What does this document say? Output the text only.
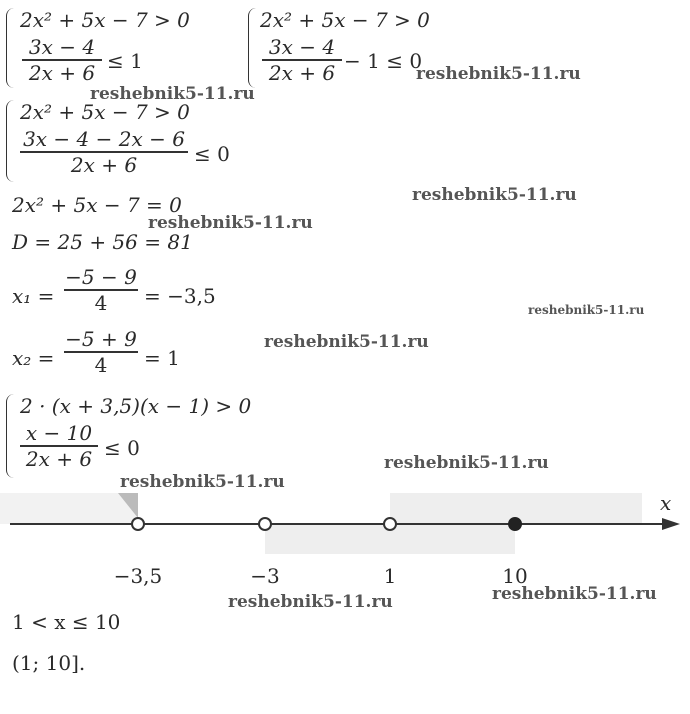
2x² + 5x − 7 > 0
3x − 4
2x + 6 ≤ 1
2x² + 5x − 7 > 0
3x − 4
2x + 6 − 1 ≤ 0
2x² + 5x − 7 > 0
3x − 4 − 2x − 6
2x + 6	≤ 0
2x² + 5x − 7 = 0
D = 25 + 56 = 81
x₁ =
−5 − 9
4	= −3,5
x₂ =
−5 + 9
4	= 1
2 · (x + 3,5)(x − 1) > 0
x − 10
2x + 6 ≤ 0
x
−3,5	−3	1	10
1 < x ≤ 10
(1; 10].
reshebnik5-11.ru
reshebnik5-11.ru
reshebnik5-11.ru
reshebnik5-11.ru
reshebnik5-11.ru
reshebnik5-11.ru
reshebnik5-11.ru
reshebnik5-11.ru
reshebnik5-11.ru	reshebnik5-11.ru
